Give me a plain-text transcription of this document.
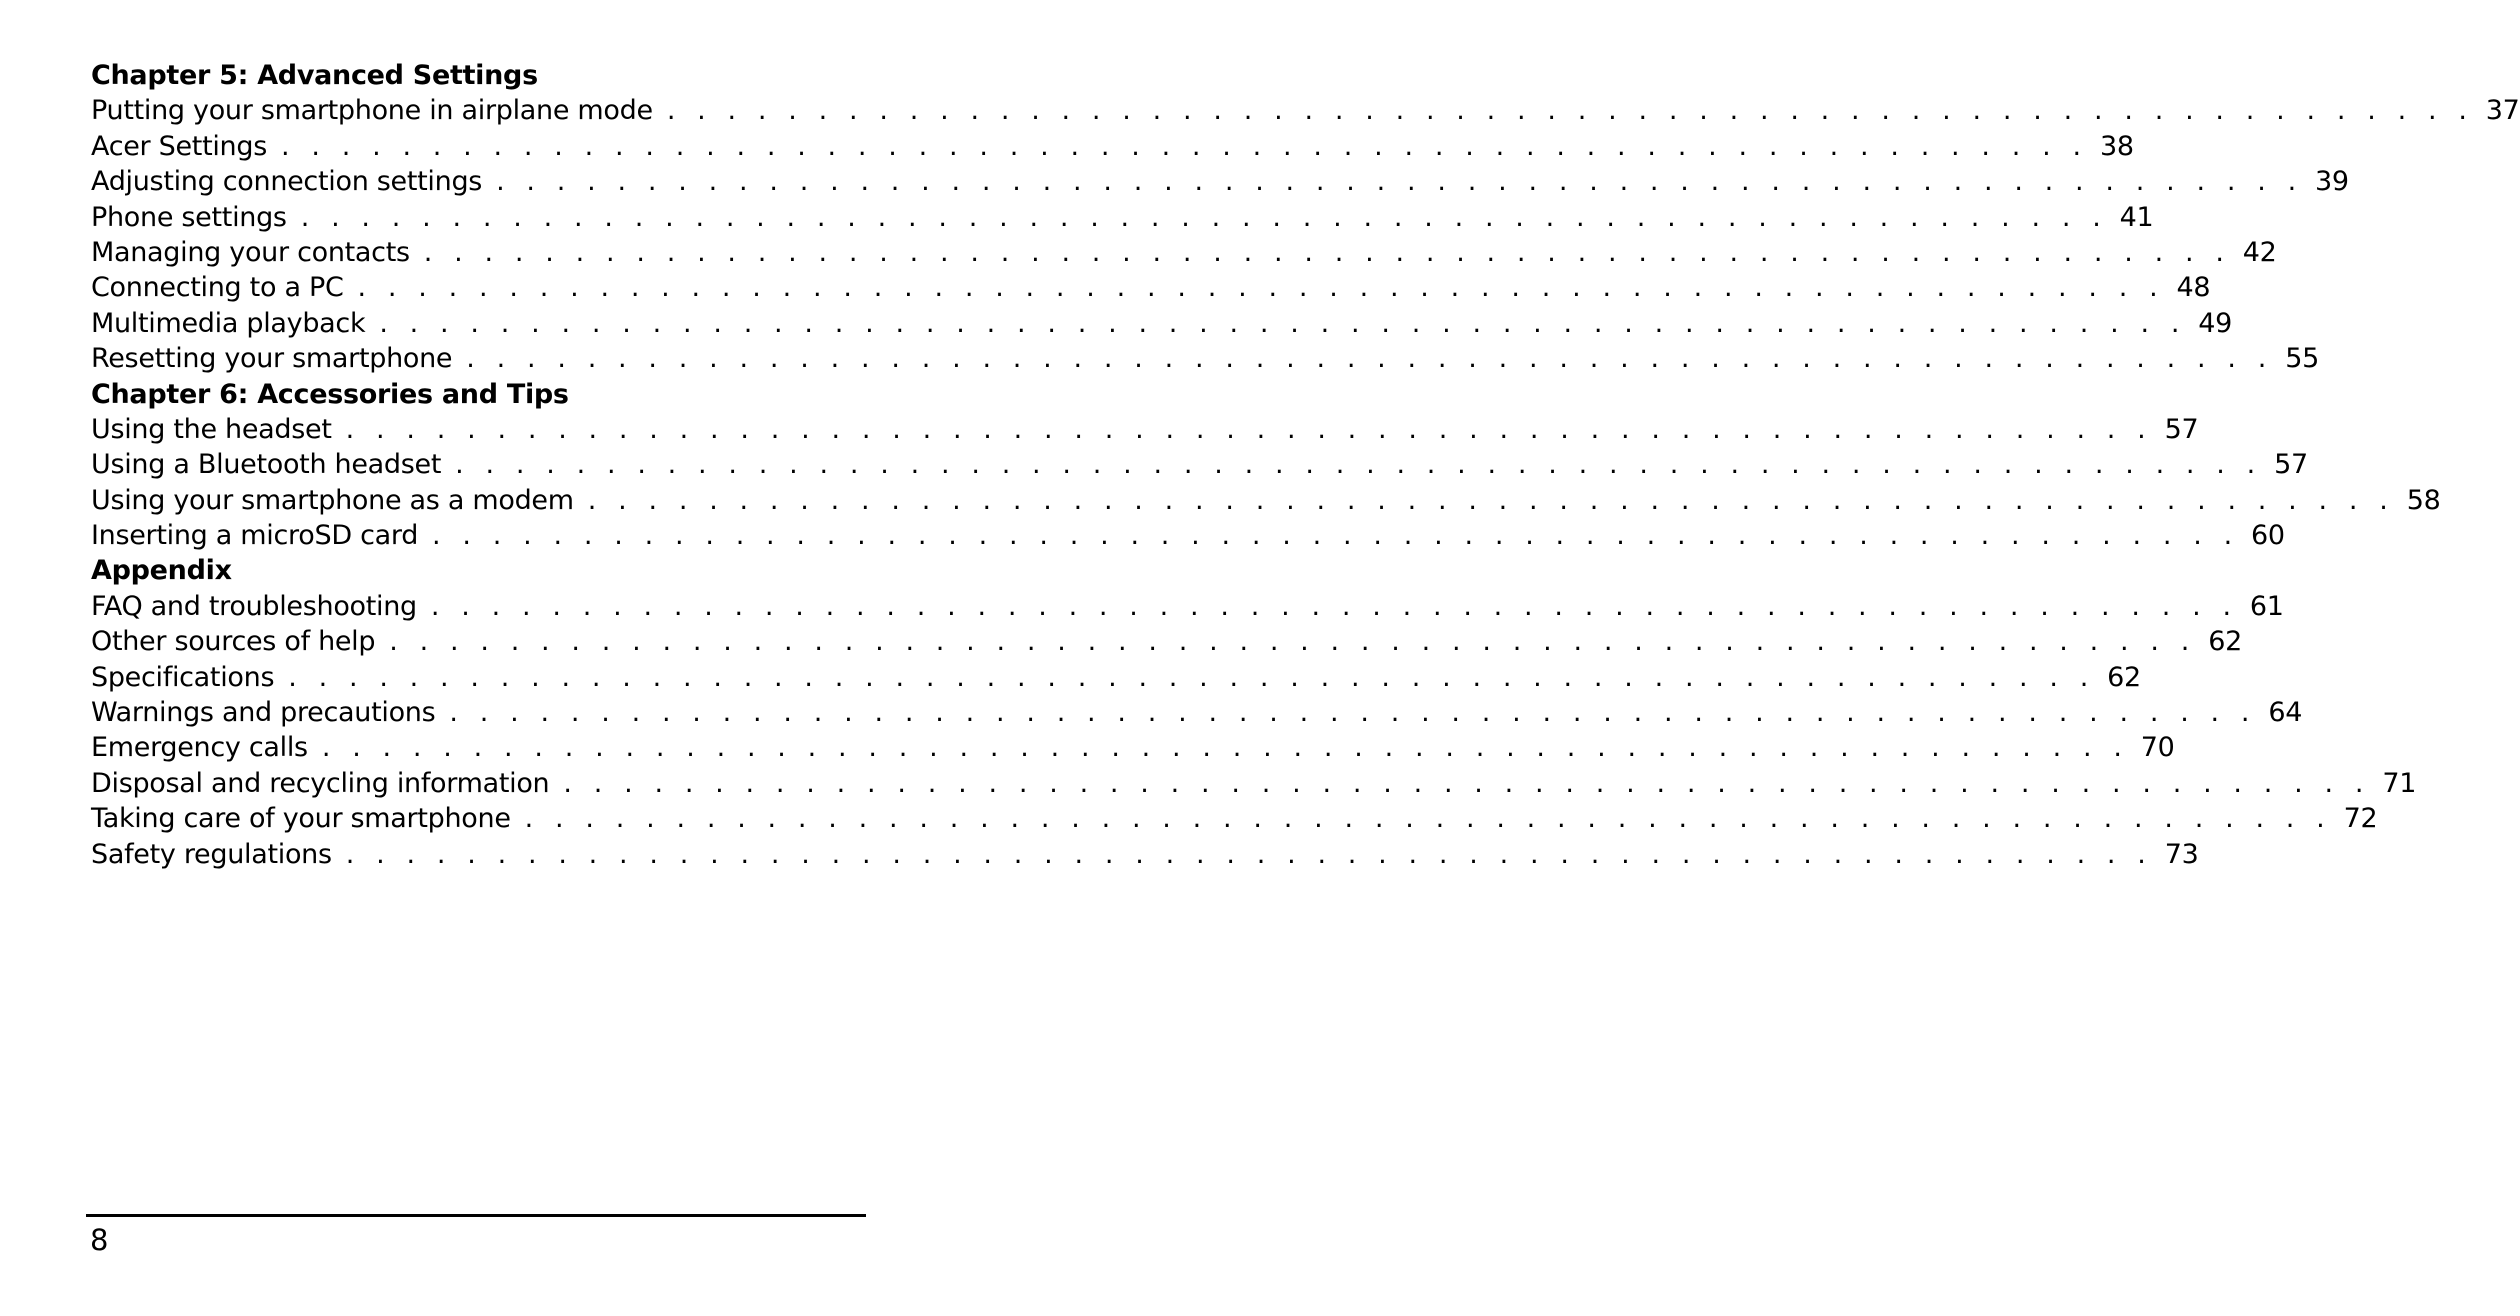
Chapter 5: Advanced Settings
Putting your smartphone in airplane mode . . . . . . . . . . . . . . . . . . . . . . . . . . . . . . . . . . . . . . . . . . . . . . . . . . . . . . . . . . . . 37
Acer Settings . . . . . . . . . . . . . . . . . . . . . . . . . . . . . . . . . . . . . . . . . . . . . . . . . . . . . . . . . . . . 38
Adjusting connection settings . . . . . . . . . . . . . . . . . . . . . . . . . . . . . . . . . . . . . . . . . . . . . . . . . . . . . . . . . . . . 39
Phone settings . . . . . . . . . . . . . . . . . . . . . . . . . . . . . . . . . . . . . . . . . . . . . . . . . . . . . . . . . . . . 41
Managing your contacts . . . . . . . . . . . . . . . . . . . . . . . . . . . . . . . . . . . . . . . . . . . . . . . . . . . . . . . . . . . . 42
Connecting to a PC . . . . . . . . . . . . . . . . . . . . . . . . . . . . . . . . . . . . . . . . . . . . . . . . . . . . . . . . . . . . 48
Multimedia playback . . . . . . . . . . . . . . . . . . . . . . . . . . . . . . . . . . . . . . . . . . . . . . . . . . . . . . . . . . . . 49
Resetting your smartphone . . . . . . . . . . . . . . . . . . . . . . . . . . . . . . . . . . . . . . . . . . . . . . . . . . . . . . . . . . . . 55
Chapter 6: Accessories and Tips
Using the headset . . . . . . . . . . . . . . . . . . . . . . . . . . . . . . . . . . . . . . . . . . . . . . . . . . . . . . . . . . . . 57
Using a Bluetooth headset . . . . . . . . . . . . . . . . . . . . . . . . . . . . . . . . . . . . . . . . . . . . . . . . . . . . . . . . . . . . 57
Using your smartphone as a modem . . . . . . . . . . . . . . . . . . . . . . . . . . . . . . . . . . . . . . . . . . . . . . . . . . . . . . . . . . . . 58
Inserting a microSD card . . . . . . . . . . . . . . . . . . . . . . . . . . . . . . . . . . . . . . . . . . . . . . . . . . . . . . . . . . . . 60
Appendix
FAQ and troubleshooting . . . . . . . . . . . . . . . . . . . . . . . . . . . . . . . . . . . . . . . . . . . . . . . . . . . . . . . . . . . . 61
Other sources of help . . . . . . . . . . . . . . . . . . . . . . . . . . . . . . . . . . . . . . . . . . . . . . . . . . . . . . . . . . . . 62
Specifications . . . . . . . . . . . . . . . . . . . . . . . . . . . . . . . . . . . . . . . . . . . . . . . . . . . . . . . . . . . . 62
Warnings and precautions . . . . . . . . . . . . . . . . . . . . . . . . . . . . . . . . . . . . . . . . . . . . . . . . . . . . . . . . . . . . 64
Emergency calls . . . . . . . . . . . . . . . . . . . . . . . . . . . . . . . . . . . . . . . . . . . . . . . . . . . . . . . . . . . . 70
Disposal and recycling information . . . . . . . . . . . . . . . . . . . . . . . . . . . . . . . . . . . . . . . . . . . . . . . . . . . . . . . . . . . . 71
Taking care of your smartphone . . . . . . . . . . . . . . . . . . . . . . . . . . . . . . . . . . . . . . . . . . . . . . . . . . . . . . . . . . . . 72
Safety regulations . . . . . . . . . . . . . . . . . . . . . . . . . . . . . . . . . . . . . . . . . . . . . . . . . . . . . . . . . . . . 73
8
